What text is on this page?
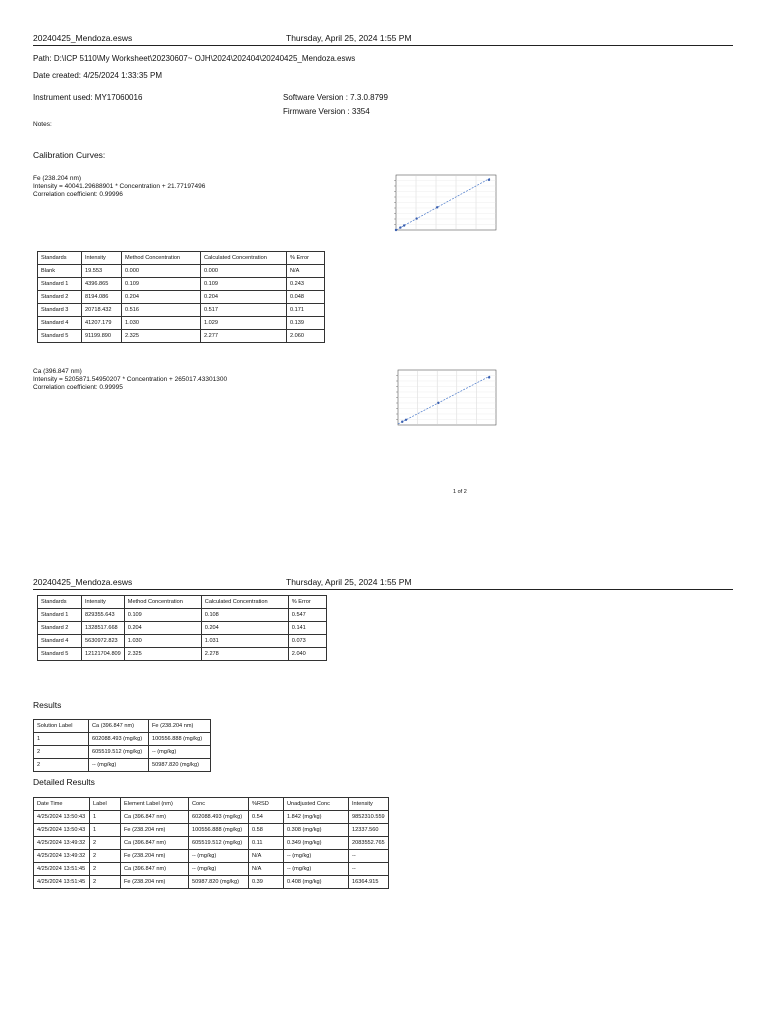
20240425_Mendoza.esws	Thursday, April 25, 2024 1:55 PM
Path: D:\ICP 5110\My Worksheet\20230607~ OJH\2024\202404\20240425_Mendoza.esws
Date created: 4/25/2024 1:33:35 PM
Instrument used: MY17060016	Software Version : 7.3.0.8799
Firmware Version : 3354
Notes:
Calibration Curves:
Fe (238.204 nm)
Intensity = 40041.29688901 * Concentration + 21.77197496
Correlation coefficient: 0.99996
Standards	Intensity	Method Concentration	Calculated Concentration	% Error
Blank	19.553	0.000	0.000	N/A
Standard 1	4396.865	0.109	0.109	0.243
Standard 2	8194.086	0.204	0.204	0.048
Standard 3	20718.432	0.516	0.517	0.171
Standard 4	41207.179	1.030	1.029	0.139
Standard 5	91199.890	2.325	2.277	2.060
Ca (396.847 nm)
Intensity = 5205871.54950207 * Concentration + 265017.43301300
Correlation coefficient: 0.99995
1 of 2
20240425_Mendoza.esws	Thursday, April 25, 2024 1:55 PM
Standards	Intensity	Method Concentration	Calculated Concentration	% Error
Standard 1	829355.643	0.109	0.108	0.547
Standard 2	1328517.668	0.204	0.204	0.141
Standard 4	5630972.823	1.030	1.031	0.073
Standard 5	12121704.809	2.325	2.278	2.040
Results
Solution Label	Ca (396.847 nm)	Fe (238.204 nm)
1	602088.493 (mg/kg)	100556.888 (mg/kg)
2	605519.512 (mg/kg)	-- (mg/kg)
2	-- (mg/kg)	50987.820 (mg/kg)
Detailed Results
Date Time	Label	Element Label (nm)	Conc	%RSD	Unadjusted Conc	Intensity
4/25/2024 13:50:43	1	Ca (396.847 nm)	602088.493 (mg/kg)	0.54	1.842 (mg/kg)	9852310.559
4/25/2024 13:50:43	1	Fe (238.204 nm)	100556.888 (mg/kg)	0.58	0.308 (mg/kg)	12337.560
4/25/2024 13:49:32	2	Ca (396.847 nm)	605519.512 (mg/kg)	0.11	0.349 (mg/kg)	2083552.765
4/25/2024 13:49:32	2	Fe (238.204 nm)	-- (mg/kg)	N/A	-- (mg/kg)	--
4/25/2024 13:51:45	2	Ca (396.847 nm)	-- (mg/kg)	N/A	-- (mg/kg)	--
4/25/2024 13:51:45	2	Fe (238.204 nm)	50987.820 (mg/kg)	0.39	0.408 (mg/kg)	16364.915
